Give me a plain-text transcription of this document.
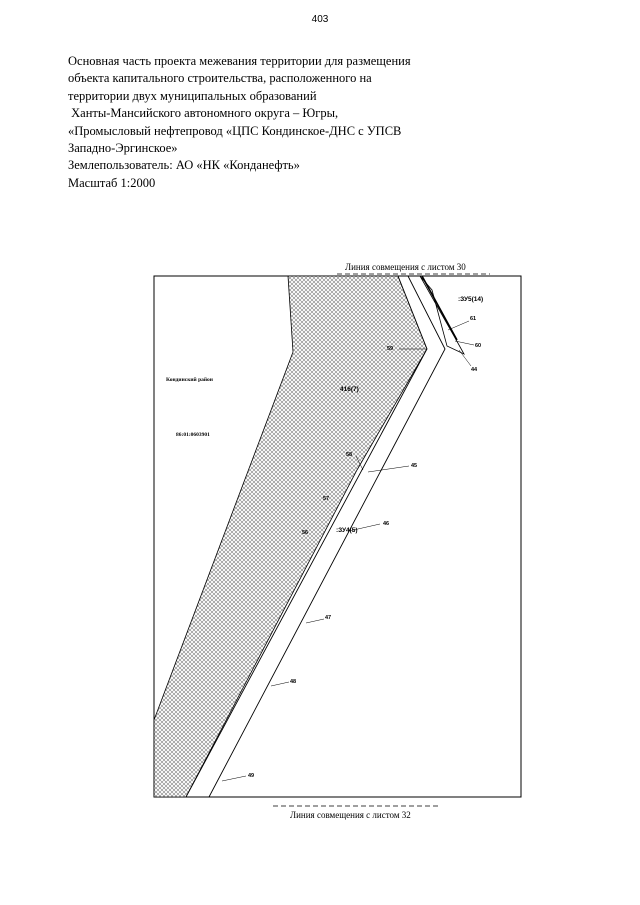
403
Основная часть проекта межевания территории для размещения
объекта капитального строительства, расположенного на
территории двух муниципальных образований
Ханты-Мансийского автономного округа – Югры,
«Промысловый нефтепровод «ЦПС Кондинское-ДНС с УПСВ
Западно-Эргинское»
Землепользователь: АО «НК «Конданефть»
Масштаб 1:2000
Линия совмещения с листом 30
Кондинский район
86:01:0603901
416(7)
:ЗУ5(14)
:ЗУ4(5)
61
60
44
59
58
45
57
46
56
47
48
49
Линия совмещения с листом 32
